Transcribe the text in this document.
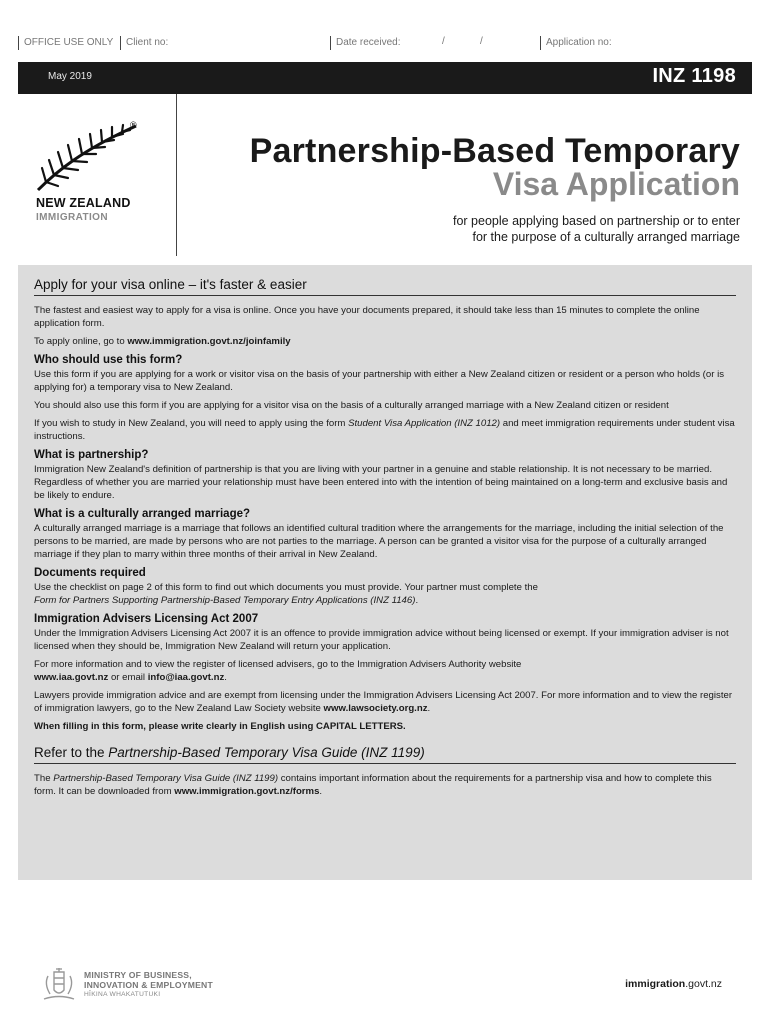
OFFICE USE ONLY	Client no:	Date received:	/	/	Application no:
May 2019	INZ 1198
®
NEW ZEALAND
IMMIGRATION
Partnership-Based Temporary
Visa Application
for people applying based on partnership or to enter
for the purpose of a culturally arranged marriage
Apply for your visa online – it's faster & easier

The fastest and easiest way to apply for a visa is online. Once you have your documents prepared, it should take less than 15 minutes to complete the online application form.

To apply online, go to www.immigration.govt.nz/joinfamily

Who should use this form?

Use this form if you are applying for a work or visitor visa on the basis of your partnership with either a New Zealand citizen or resident or a person who holds (or is applying for) a temporary visa to New Zealand.

You should also use this form if you are applying for a visitor visa on the basis of a culturally arranged marriage with a New Zealand citizen or resident

If you wish to study in New Zealand, you will need to apply using the form Student Visa Application (INZ 1012) and meet immigration requirements under student visa instructions.

What is partnership?

Immigration New Zealand's definition of partnership is that you are living with your partner in a genuine and stable relationship. It is not necessary to be married. Regardless of whether you are married your relationship must have been entered into with the intention of being maintained on a long-term and exclusive basis and be likely to endure.

What is a culturally arranged marriage?

A culturally arranged marriage is a marriage that follows an identified cultural tradition where the arrangements for the marriage, including the initial selection of the persons to be married, are made by persons who are not parties to the marriage. A person can be granted a visitor visa for the purpose of a culturally arranged marriage if they plan to marry within three months of their arrival in New Zealand.

Documents required

Use the checklist on page 2 of this form to find out which documents you must provide. Your partner must complete the
Form for Partners Supporting Partnership-Based Temporary Entry Applications (INZ 1146).

Immigration Advisers Licensing Act 2007

Under the Immigration Advisers Licensing Act 2007 it is an offence to provide immigration advice without being licensed or exempt. If your immigration adviser is not licensed when they should be, Immigration New Zealand will return your application.

For more information and to view the register of licensed advisers, go to the Immigration Advisers Authority website
www.iaa.govt.nz or email info@iaa.govt.nz.

Lawyers provide immigration advice and are exempt from licensing under the Immigration Advisers Licensing Act 2007. For more information and to view the register of immigration lawyers, go to the New Zealand Law Society website www.lawsociety.org.nz.

When filling in this form, please write clearly in English using CAPITAL LETTERS.

Refer to the Partnership-Based Temporary Visa Guide (INZ 1199)

The Partnership-Based Temporary Visa Guide (INZ 1199) contains important information about the requirements for a partnership visa and how to complete this form. It can be downloaded from www.immigration.govt.nz/forms.

MINISTRY OF BUSINESS,
INNOVATION & EMPLOYMENT
HĪKINA WHAKATUTUKI
immigration.govt.nz
